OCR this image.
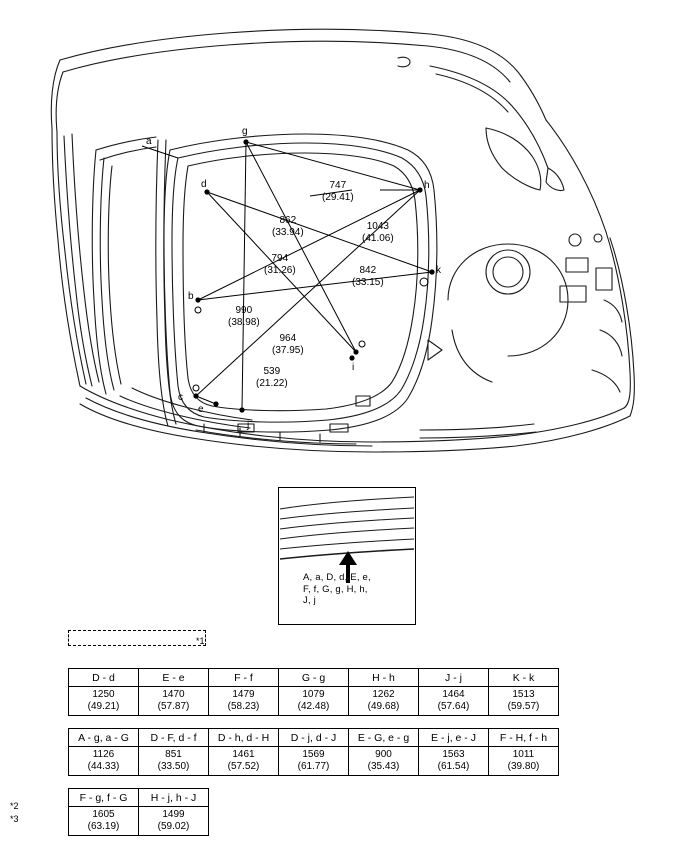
a
g
d	h
b
k
c
e
i
j
747
(29.41)
862
(33.94)
1043
(41.06)
794
(31.26)	842
(33.15)
990
(38.98)
964
(37.95)
539
(21.22)
A, a, D, d, E, e,
F, f, G, g, H, h,
J, j
*1
D - d	E - e	F - f	G - g	H - h	J - j	K - k

1250
(49.21)	1470
(57.87)	1479
(58.23)	1079
(42.48)	1262
(49.68)	1464
(57.64)	1513
(59.57)
A - g, a - G	D - F, d - f	D - h, d - H	D - j, d - J	E - G, e - g	E - j, e - J	F - H, f - h

1126
(44.33)	851
(33.50)	1461
(57.52)	1569
(61.77)	900
(35.43)	1563
(61.54)	1011
(39.80)
F - g, f - G	H - j, h - J

1605
(63.19)	1499
(59.02)
*2
*3
